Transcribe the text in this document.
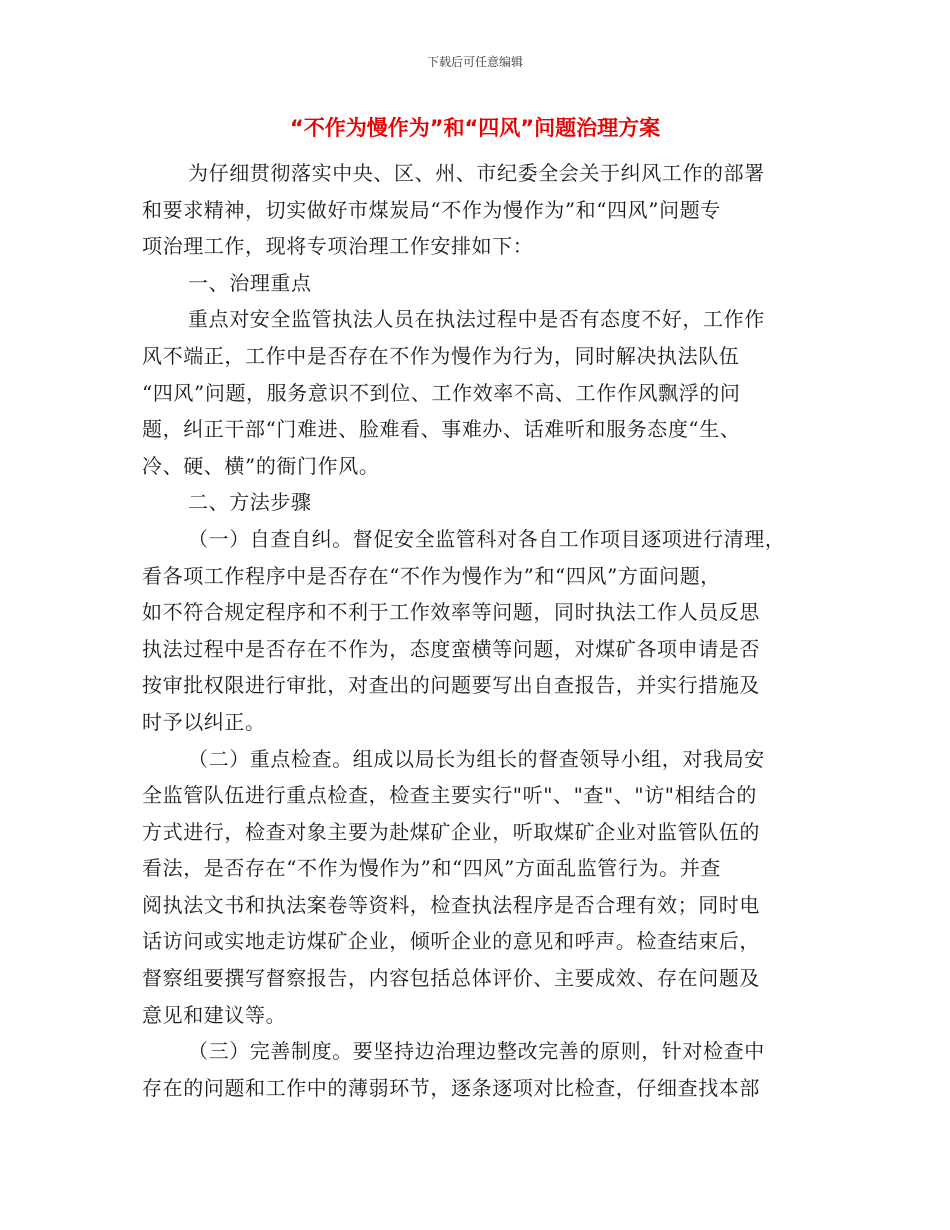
下载后可任意编辑
“不作为慢作为”和“四风”问题治理方案
为仔细贯彻落实中央、区、州、市纪委全会关于纠风工作的部署
和要求精神，切实做好市煤炭局“不作为慢作为”和“四风”问题专
项治理工作，现将专项治理工作安排如下：
一、治理重点
重点对安全监管执法人员在执法过程中是否有态度不好，工作作
风不端正，工作中是否存在不作为慢作为行为，同时解决执法队伍
“四风”问题，服务意识不到位、工作效率不高、工作作风飘浮的问
题，纠正干部“门难进、脸难看、事难办、话难听和服务态度“生、
冷、硬、横”的衙门作风。
二、方法步骤
（一）自查自纠。督促安全监管科对各自工作项目逐项进行清理，
看各项工作程序中是否存在“不作为慢作为”和“四风”方面问题，
如不符合规定程序和不利于工作效率等问题，同时执法工作人员反思
执法过程中是否存在不作为，态度蛮横等问题，对煤矿各项申请是否
按审批权限进行审批，对查出的问题要写出自查报告，并实行措施及
时予以纠正。
（二）重点检查。组成以局长为组长的督查领导小组，对我局安
全监管队伍进行重点检查，检查主要实行"听"、"查"、"访"相结合的
方式进行，检查对象主要为赴煤矿企业，听取煤矿企业对监管队伍的
看法，是否存在“不作为慢作为”和“四风”方面乱监管行为。并查
阅执法文书和执法案卷等资料，检查执法程序是否合理有效；同时电
话访问或实地走访煤矿企业，倾听企业的意见和呼声。检查结束后，
督察组要撰写督察报告，内容包括总体评价、主要成效、存在问题及
意见和建议等。
（三）完善制度。要坚持边治理边整改完善的原则，针对检查中
存在的问题和工作中的薄弱环节，逐条逐项对比检查，仔细查找本部
